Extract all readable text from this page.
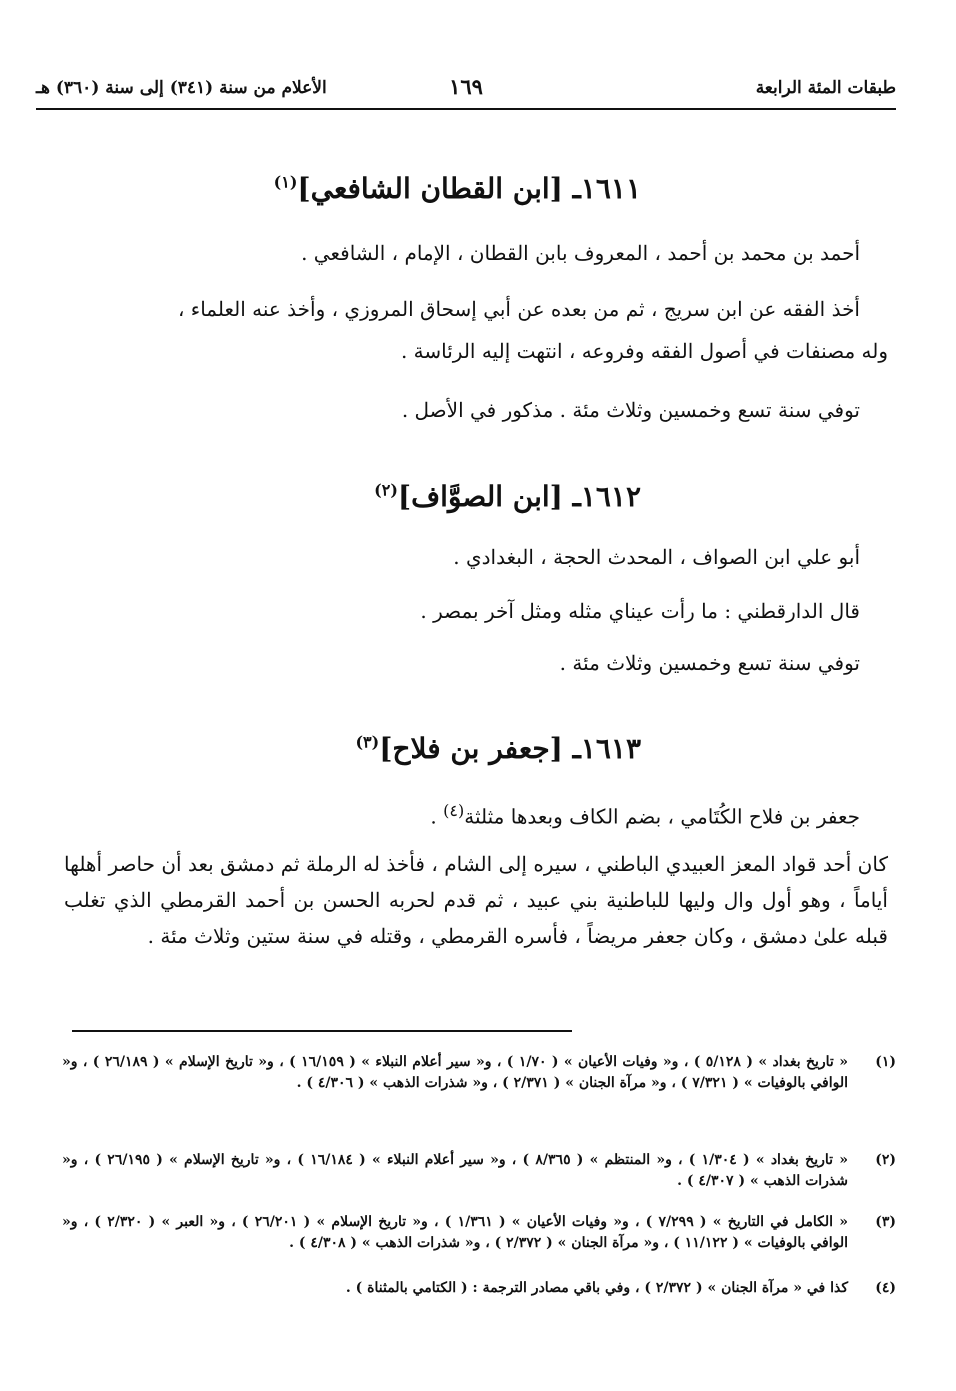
طبقات المئة الرابعة
١٦٩
الأعلام من سنة (٣٤١) إلى سنة (٣٦٠) هـ
١٦١١ـ [ابن القطان الشافعي]$^{(١)}$
أحمد بن محمد بن أحمد ، المعروف بابن القطان ، الإمام ، الشافعي .
أخذ الفقه عن ابن سريج ، ثم من بعده عن أبي إسحاق المروزي ، وأخذ عنه العلماء ،
وله مصنفات في أصول الفقه وفروعه ، انتهت إليه الرئاسة .
توفي سنة تسع وخمسين وثلاث مئة . مذكور في الأصل .
١٦١٢ـ [ابن الصوَّاف]$^{(٢)}$
أبو علي ابن الصواف ، المحدث الحجة ، البغدادي .
قال الدارقطني : ما رأت عيناي مثله ومثل آخر بمصر .
توفي سنة تسع وخمسين وثلاث مئة .
١٦١٣ـ [جعفر بن فلاح]$^{(٣)}$
جعفر بن فلاح الكُتَامي ، بضم الكاف وبعدها مثلثة$^{(٤)}$ .
كان أحد قواد المعز العبيدي الباطني ، سيره إلى الشام ، فأخذ له الرملة ثم دمشق بعد أن حاصر أهلها أياماً ، وهو أول وال وليها للباطنية بني عبيد ، ثم قدم لحربه الحسن بن أحمد القرمطي الذي تغلب قبله علىٰ دمشق ، وكان جعفر مريضاً ، فأسره القرمطي ، وقتله في سنة ستين وثلاث مئة .
(١)
« تاريخ بغداد » ( ٥/١٢٨ ) ، و« وفيات الأعيان » ( ١/٧٠ ) ، و« سير أعلام النبلاء » ( ١٦/١٥٩ ) ، و« تاريخ الإسلام » ( ٢٦/١٨٩ ) ، و« الوافي بالوفيات » ( ٧/٣٢١ ) ، و« مرآة الجنان » ( ٢/٣٧١ ) ، و« شذرات الذهب » ( ٤/٣٠٦ ) .
(٢)
« تاريخ بغداد » ( ١/٣٠٤ ) ، و« المنتظم » ( ٨/٣٦٥ ) ، و« سير أعلام النبلاء » ( ١٦/١٨٤ ) ، و« تاريخ الإسلام » ( ٢٦/١٩٥ ) ، و« شذرات الذهب » ( ٤/٣٠٧ ) .
(٣)
« الكامل في التاريخ » ( ٧/٢٩٩ ) ، و« وفيات الأعيان » ( ١/٣٦١ ) ، و« تاريخ الإسلام » ( ٢٦/٢٠١ ) ، و« العبر » ( ٢/٣٢٠ ) ، و« الوافي بالوفيات » ( ١١/١٢٢ ) ، و« مرآة الجنان » ( ٢/٣٧٢ ) ، و« شذرات الذهب » ( ٤/٣٠٨ ) .
(٤)
كذا في « مرآة الجنان » ( ٢/٣٧٢ ) ، وفي باقي مصادر الترجمة : ( الكتامي بالمثناة ) .
